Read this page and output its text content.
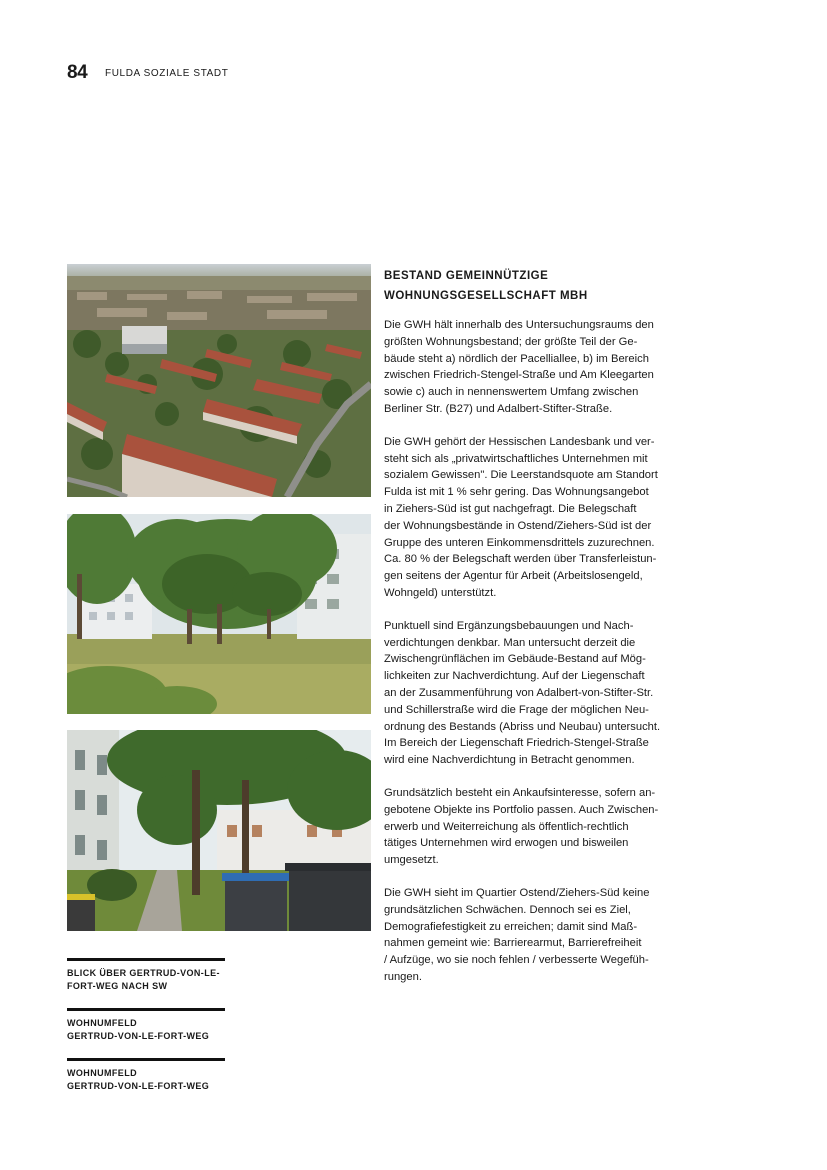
84 FULDA SOZIALE STADT
BLICK ÜBER GERTRUD-VON-LE-
FORT-WEG NACH SW
WOHNUMFELD
GERTRUD-VON-LE-FORT-WEG
WOHNUMFELD
GERTRUD-VON-LE-FORT-WEG
BESTAND GEMEINNÜTZIGE
WOHNUNGSGESELLSCHAFT MBH

Die GWH hält innerhalb des Untersuchungsraums den
größten Wohnungsbestand; der größte Teil der Ge-
bäude steht a) nördlich der Pacelliallee, b) im Bereich
zwischen Friedrich-Stengel-Straße und Am Kleegarten
sowie c) auch in nennenswertem Umfang zwischen
Berliner Str. (B27) und Adalbert-Stifter-Straße.

Die GWH gehört der Hessischen Landesbank und ver-
steht sich als „privatwirtschaftliches Unternehmen mit
sozialem Gewissen". Die Leerstandsquote am Standort
Fulda ist mit 1 % sehr gering. Das Wohnungsangebot
in Ziehers-Süd ist gut nachgefragt. Die Belegschaft
der Wohnungsbestände in Ostend/Ziehers-Süd ist der
Gruppe des unteren Einkommensdrittels zuzurechnen.
Ca. 80 % der Belegschaft werden über Transferleistun-
gen seitens der Agentur für Arbeit (Arbeitslosengeld,
Wohngeld) unterstützt.

Punktuell sind Ergänzungsbebauungen und Nach-
verdichtungen denkbar. Man untersucht derzeit die
Zwischengrünflächen im Gebäude-Bestand auf Mög-
lichkeiten zur Nachverdichtung. Auf der Liegenschaft
an der Zusammenführung von Adalbert-von-Stifter-Str.
und Schillerstraße wird die Frage der möglichen Neu-
ordnung des Bestands (Abriss und Neubau) untersucht.
Im Bereich der Liegenschaft Friedrich-Stengel-Straße
wird eine Nachverdichtung in Betracht genommen.

Grundsätzlich besteht ein Ankaufsinteresse, sofern an-
gebotene Objekte ins Portfolio passen. Auch Zwischen-
erwerb und Weiterreichung als öffentlich-rechtlich
tätiges Unternehmen wird erwogen und bisweilen
umgesetzt.

Die GWH sieht im Quartier Ostend/Ziehers-Süd keine
grundsätzlichen Schwächen. Dennoch sei es Ziel,
Demografiefestigkeit zu erreichen; damit sind Maß-
nahmen gemeint wie: Barrierearmut, Barrierefreiheit
/ Aufzüge, wo sie noch fehlen / verbesserte Wegefüh-
rungen.
